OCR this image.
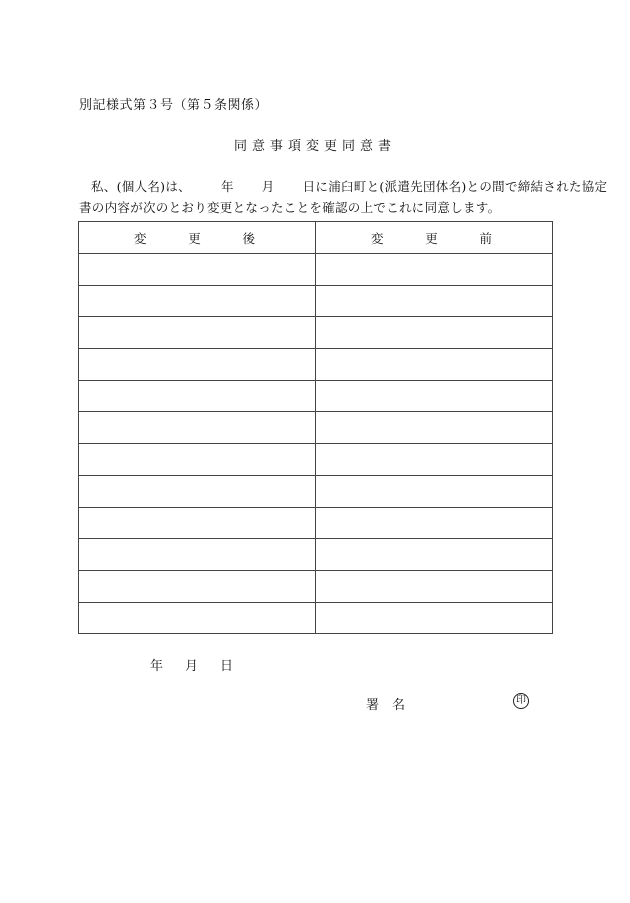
別記様式第３号（第５条関係）
同意事項変更同意書
私、(個人名)は、 年 月 日に浦臼町と(派遣先団体名)との間で締結された協定
書の内容が次のとおり変更となったことを確認の上でこれに同意します。
変 更 後	変 更 前

年 月 日
署　名	印
